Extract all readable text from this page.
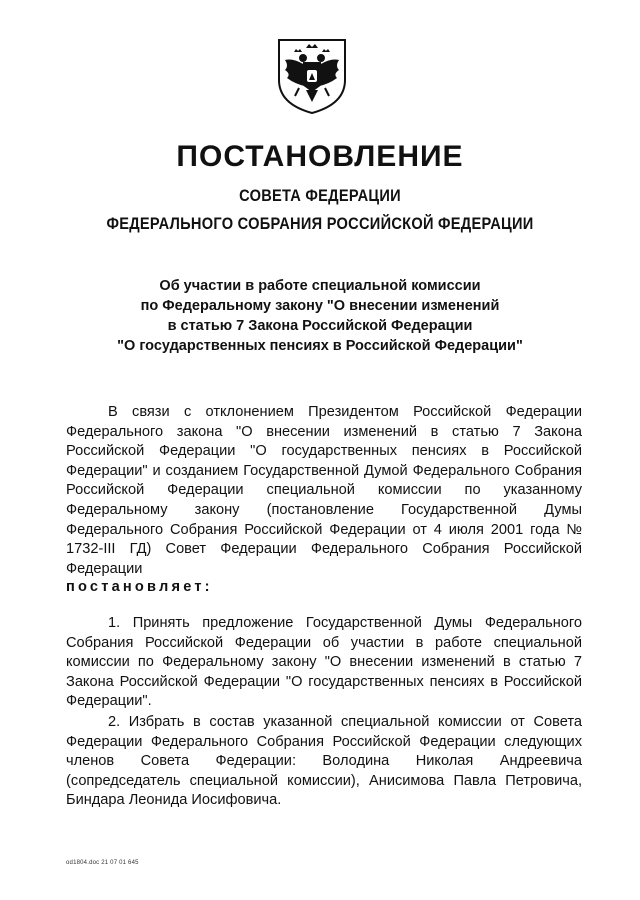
ПОСТАНОВЛЕНИЕ
СОВЕТА ФЕДЕРАЦИИ
ФЕДЕРАЛЬНОГО СОБРАНИЯ РОССИЙСКОЙ ФЕДЕРАЦИИ
Об участии в работе специальной комиссии
по Федеральному закону "О внесении изменений
в статью 7 Закона Российской Федерации
"О государственных пенсиях в Российской Федерации"

В связи с отклонением Президентом Российской Федерации Федерального закона "О внесении изменений в статью 7 Закона Российской Федерации "О государственных пенсиях в Российской Федерации" и созданием Государственной Думой Федерального Собрания Российской Федерации специальной комиссии по указанному Федеральному закону (постановление Государственной Думы Федерального Собрания Российской Федерации от 4 июля 2001 года № 1732-III ГД) Совет Федерации Федерального Собрания Российской Федерации

постановляет:

1. Принять предложение Государственной Думы Федерального Собрания Российской Федерации об участии в работе специальной комиссии по Федеральному закону "О внесении изменений в статью 7 Закона Российской Федерации "О государственных пенсиях в Российской Федерации".

2. Избрать в состав указанной специальной комиссии от Совета Федерации Федерального Собрания Российской Федерации следующих членов Совета Федерации: Володина Николая Андреевича (сопредседатель специальной комиссии), Анисимова Павла Петровича, Биндара Леонида Иосифовича.

od1804.doc 21 07 01 645
